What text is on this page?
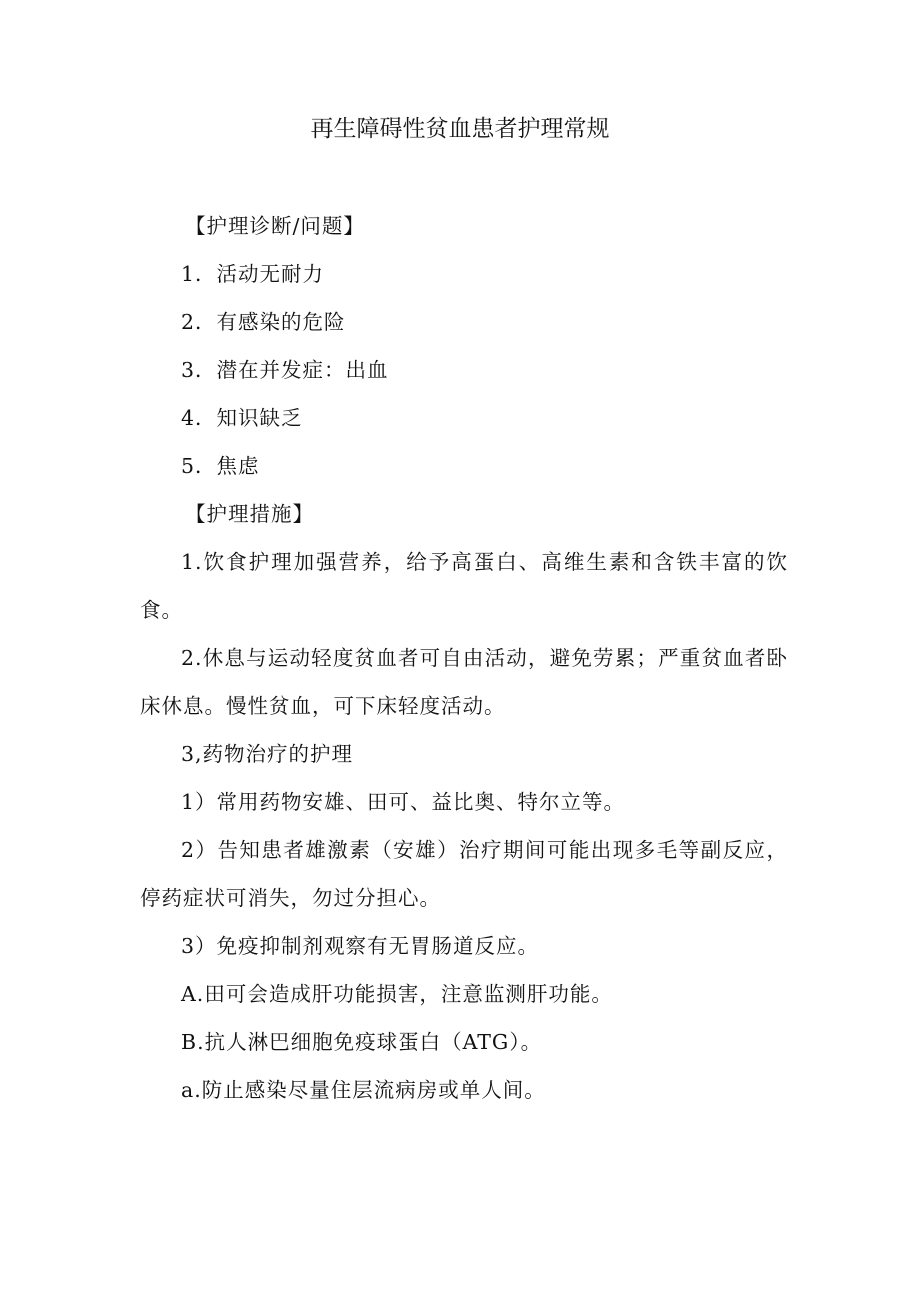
再生障碍性贫血患者护理常规

【护理诊断/问题】

1．活动无耐力

2．有感染的危险

3．潜在并发症：出血

4．知识缺乏

5．焦虑

【护理措施】

1.饮食护理加强营养，给予高蛋白、高维生素和含铁丰富的饮食。

2.休息与运动轻度贫血者可自由活动，避免劳累；严重贫血者卧床休息。慢性贫血，可下床轻度活动。

3,药物治疗的护理

1）常用药物安雄、田可、益比奥、特尔立等。

2）告知患者雄激素（安雄）治疗期间可能出现多毛等副反应，停药症状可消失，勿过分担心。

3）免疫抑制剂观察有无胃肠道反应。

A.田可会造成肝功能损害，注意监测肝功能。

B.抗人淋巴细胞免疫球蛋白（ATG）。

a.防止感染尽量住层流病房或单人间。
